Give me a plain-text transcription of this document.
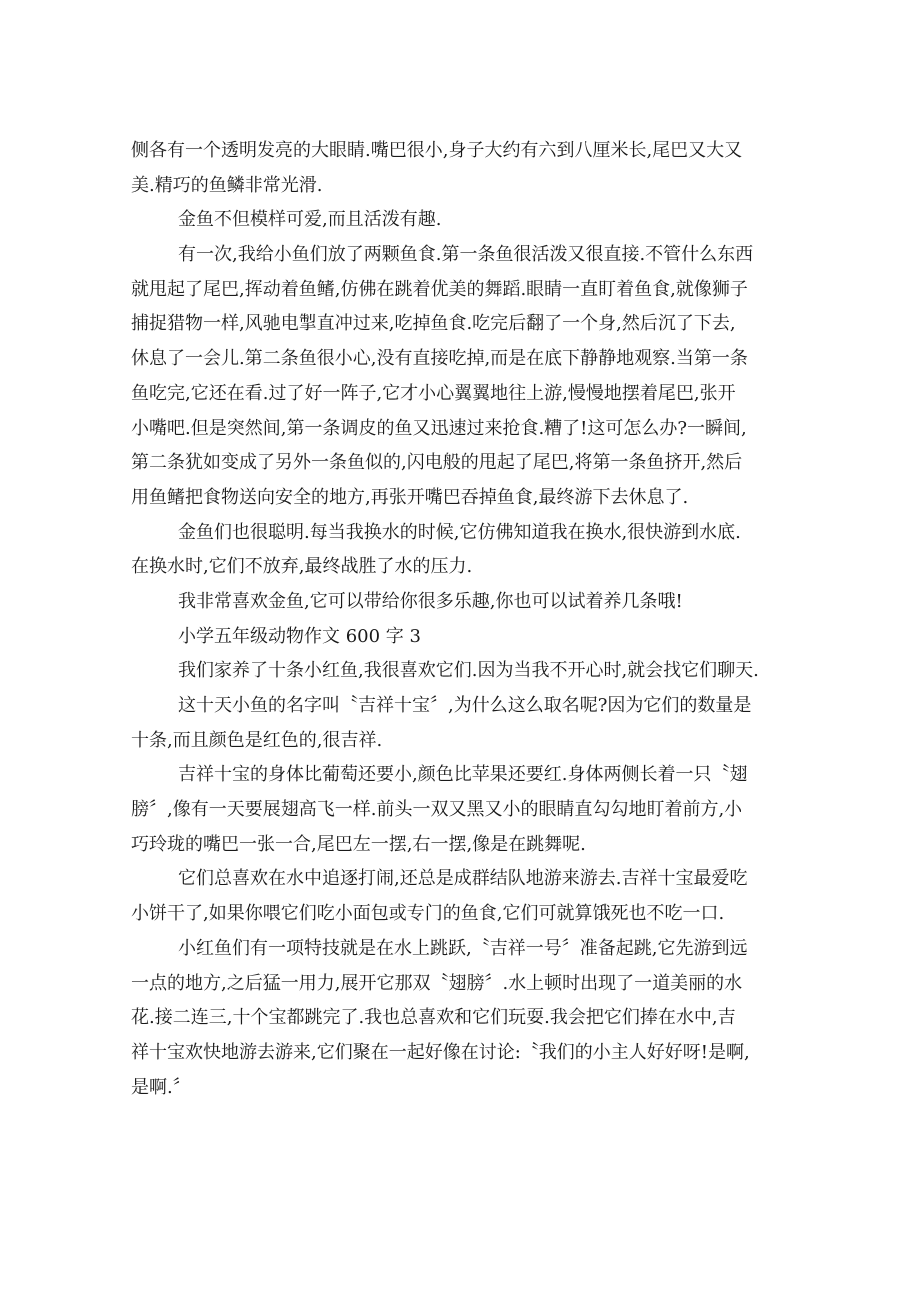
侧各有一个透明发亮的大眼睛.嘴巴很小,身子大约有六到八厘米长,尾巴又大又

美.精巧的鱼鳞非常光滑.

金鱼不但模样可爱,而且活泼有趣.

有一次,我给小鱼们放了两颗鱼食.第一条鱼很活泼又很直接.不管什么东西

就甩起了尾巴,挥动着鱼鳍,仿佛在跳着优美的舞蹈.眼睛一直盯着鱼食,就像狮子

捕捉猎物一样,风驰电掣直冲过来,吃掉鱼食.吃完后翻了一个身,然后沉了下去,

休息了一会儿.第二条鱼很小心,没有直接吃掉,而是在底下静静地观察.当第一条

鱼吃完,它还在看.过了好一阵子,它才小心翼翼地往上游,慢慢地摆着尾巴,张开

小嘴吧.但是突然间,第一条调皮的鱼又迅速过来抢食.糟了!这可怎么办?一瞬间,

第二条犹如变成了另外一条鱼似的,闪电般的甩起了尾巴,将第一条鱼挤开,然后

用鱼鳍把食物送向安全的地方,再张开嘴巴吞掉鱼食,最终游下去休息了.

金鱼们也很聪明.每当我换水的时候,它仿佛知道我在换水,很快游到水底.

在换水时,它们不放弃,最终战胜了水的压力.

我非常喜欢金鱼,它可以带给你很多乐趣,你也可以试着养几条哦!

小学五年级动物作文 600 字 3

我们家养了十条小红鱼,我很喜欢它们.因为当我不开心时,就会找它们聊天.

这十天小鱼的名字叫〝吉祥十宝〞,为什么这么取名呢?因为它们的数量是

十条,而且颜色是红色的,很吉祥.

吉祥十宝的身体比葡萄还要小,颜色比苹果还要红.身体两侧长着一只〝翅

膀〞,像有一天要展翅高飞一样.前头一双又黑又小的眼睛直勾勾地盯着前方,小

巧玲珑的嘴巴一张一合,尾巴左一摆,右一摆,像是在跳舞呢.

它们总喜欢在水中追逐打闹,还总是成群结队地游来游去.吉祥十宝最爱吃

小饼干了,如果你喂它们吃小面包或专门的鱼食,它们可就算饿死也不吃一口.

小红鱼们有一项特技就是在水上跳跃,〝吉祥一号〞准备起跳,它先游到远

一点的地方,之后猛一用力,展开它那双〝翅膀〞.水上顿时出现了一道美丽的水

花.接二连三,十个宝都跳完了.我也总喜欢和它们玩耍.我会把它们捧在水中,吉

祥十宝欢快地游去游来,它们聚在一起好像在讨论:〝我们的小主人好好呀!是啊,

是啊.〞
